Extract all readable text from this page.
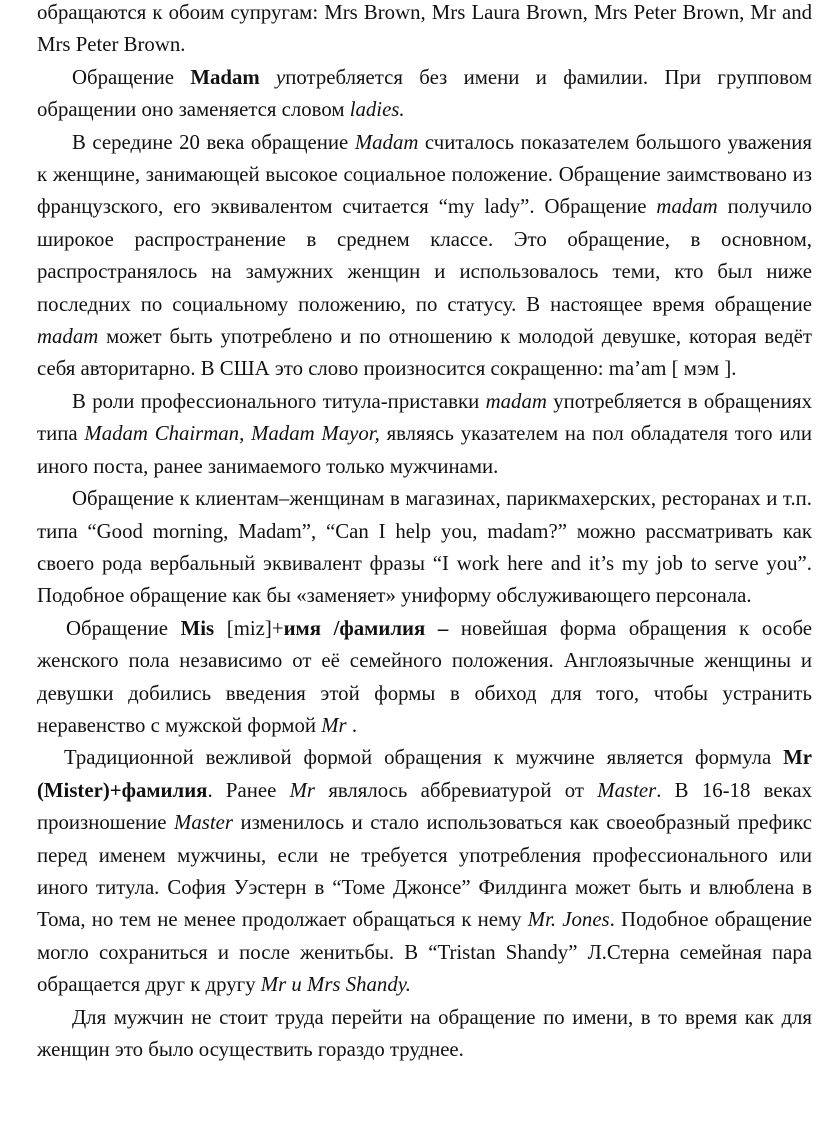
обращаются к обоим супругам: Mrs Brown, Mrs Laura Brown, Mrs Peter Brown, Mr and Mrs Peter Brown.

Обращение Madam употребляется без имени и фамилии. При групповом обращении оно заменяется словом ladies.

В середине 20 века обращение Madam считалось показателем большого уважения к женщине, занимающей высокое социальное положение. Обращение заимствовано из французского, его эквивалентом считается “my lady”. Обращение madam получило широкое распространение в среднем классе. Это обращение, в основном, распространялось на замужних женщин и использовалось теми, кто был ниже последних по социальному положению, по статусу. В настоящее время обращение madam может быть употреблено и по отношению к молодой девушке, которая ведёт себя авторитарно. В США это слово произносится сокращенно: ma’am [ мэм ].

В роли профессионального титула-приставки madam употребляется в обращениях типа Madam Chairman, Madam Mayor, являясь указателем на пол обладателя того или иного поста, ранее занимаемого только мужчинами.

Обращение к клиентам–женщинам в магазинах, парикмахерских, ресторанах и т.п. типа “Good morning, Madam”, “Can I help you, madam?” можно рассматривать как своего рода вербальный эквивалент фразы “I work here and it’s my job to serve you”. Подобное обращение как бы «заменяет» униформу обслуживающего персонала.

Обращение Mis [miz]+имя /фамилия – новейшая форма обращения к особе женского пола независимо от её семейного положения. Англоязычные женщины и девушки добились введения этой формы в обиход для того, чтобы устранить неравенство с мужской формой Mr .

Традиционной вежливой формой обращения к мужчине является формула Mr (Mister)+фамилия. Ранее Mr являлось аббревиатурой от Master. В 16-18 веках произношение Master изменилось и стало использоваться как своеобразный префикс перед именем мужчины, если не требуется употребления профессионального или иного титула. София Уэстерн в “Томе Джонсе” Филдинга может быть и влюблена в Тома, но тем не менее продолжает обращаться к нему Mr. Jones. Подобное обращение могло сохраниться и после женитьбы. В “Tristan Shandy” Л.Стерна семейная пара обращается друг к другу Mr и Mrs Shandy.

Для мужчин не стоит труда перейти на обращение по имени, в то время как для женщин это было осуществить гораздо труднее.
